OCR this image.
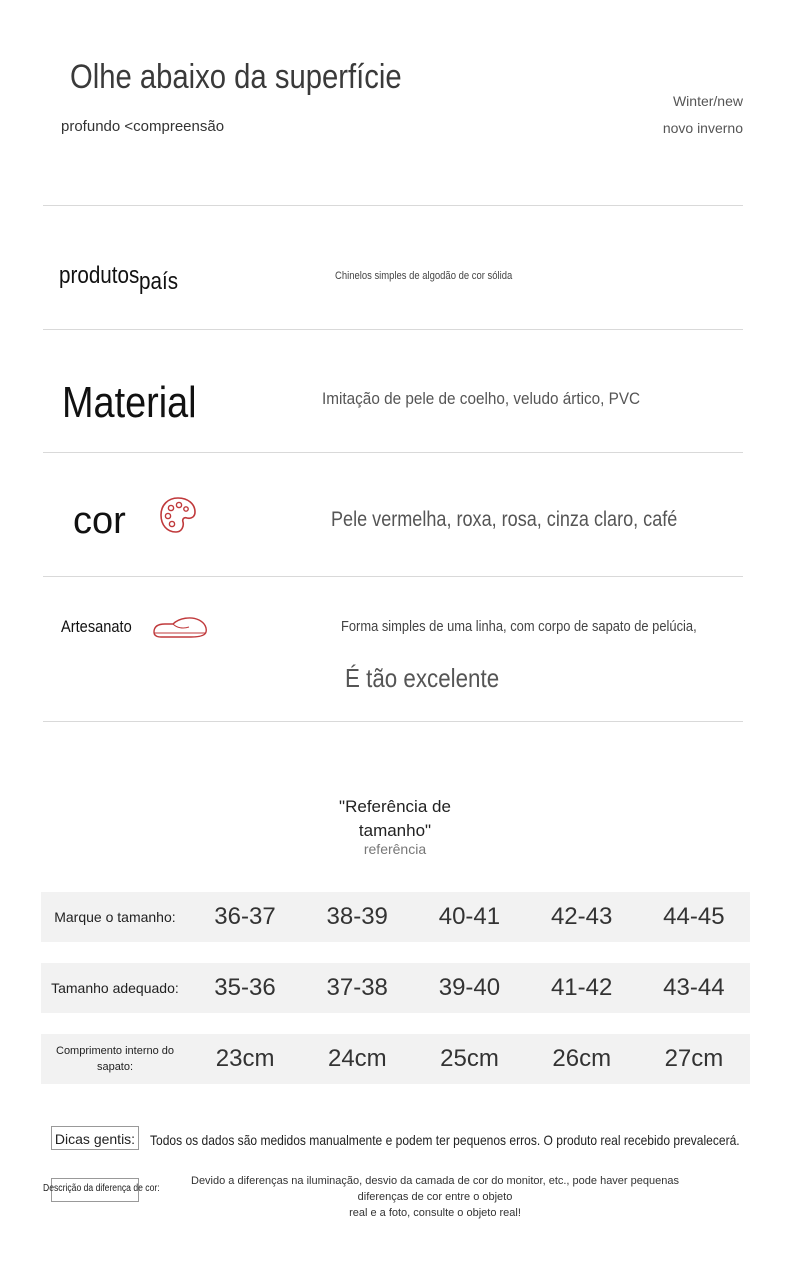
Olhe abaixo da superfície
profundo <compreensão
Winter/new
novo inverno
produtos país	Chinelos simples de algodão de cor sólida
Material	Imitação de pele de coelho, veludo ártico, PVC
cor	Pele vermelha, roxa, rosa, cinza claro, café
Artesanato	Forma simples de uma linha, com corpo de sapato de pelúcia,
É tão excelente
"Referência de tamanho"
referência
Marque o tamanho:	36-37	38-39	40-41	42-43	44-45
Tamanho adequado:	35-36	37-38	39-40	41-42	43-44
Comprimento interno do sapato:	23cm	24cm	25cm	26cm	27cm
Dicas gentis: Todos os dados são medidos manualmente e podem ter pequenos erros. O produto real recebido prevalecerá.
Descrição da diferença de cor:
Devido a diferenças na iluminação, desvio da camada de cor do monitor, etc., pode haver pequenas diferenças de cor entre o objeto
real e a foto, consulte o objeto real!
